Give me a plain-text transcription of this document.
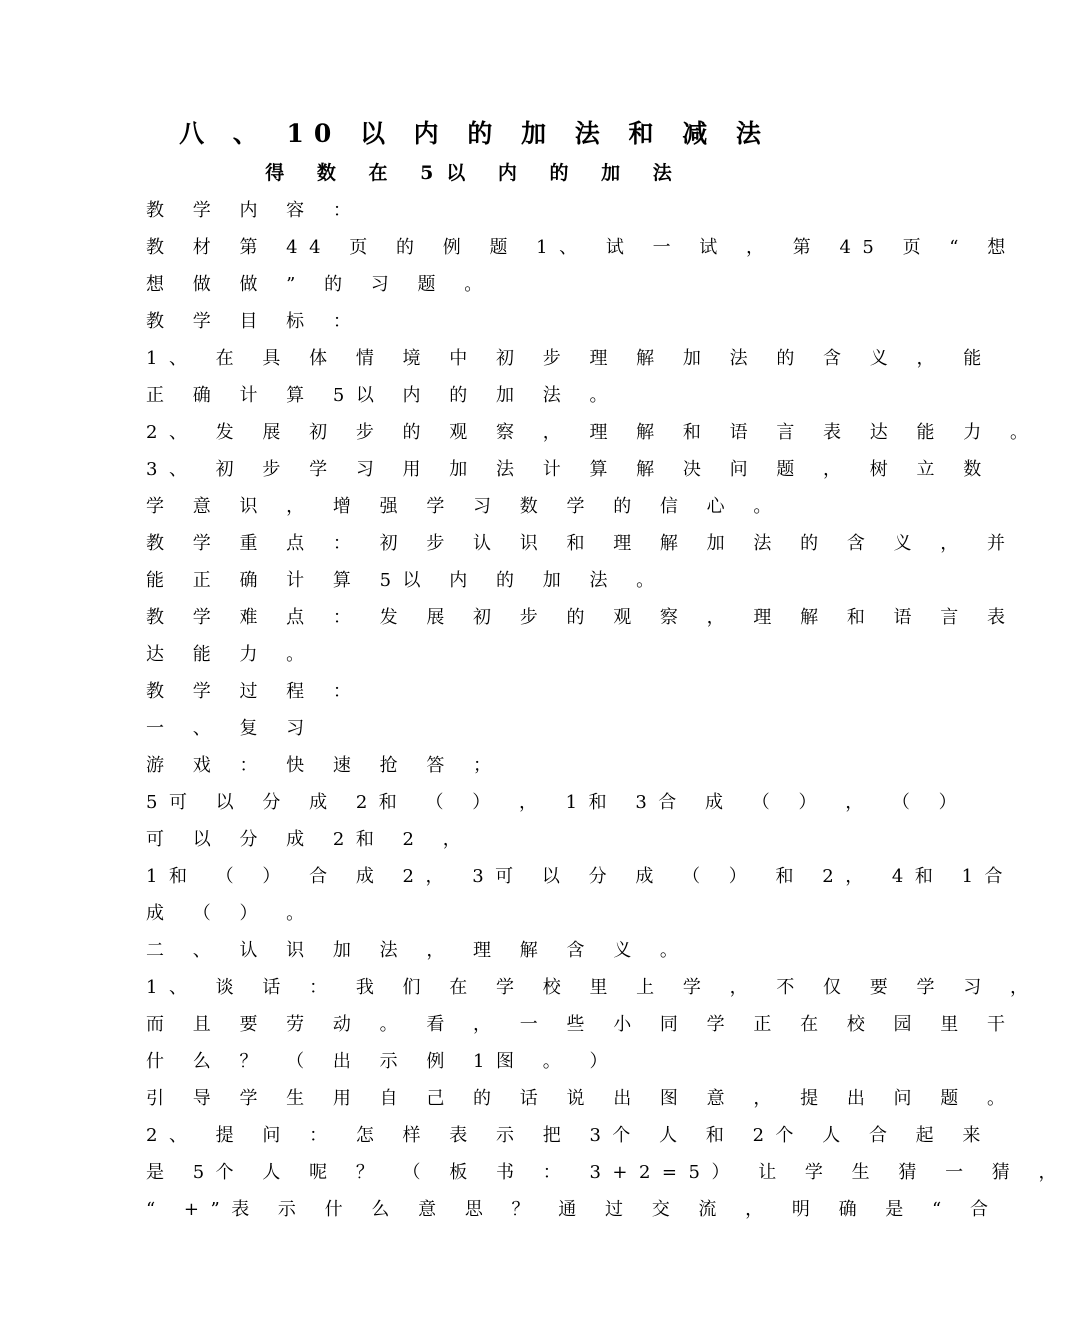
八 、 10 以 内 的 加 法 和 减 法
得 数 在 5以 内 的 加 法
教 学 内 容 ：
教 材 第 44 页 的 例 题 1、 试 一 试 ， 第 45 页 “ 想
想 做 做 ” 的 习 题 。
教 学 目 标 ：
1、 在 具 体 情 境 中 初 步 理 解 加 法 的 含 义 ， 能
正 确 计 算 5以 内 的 加 法 。
2、 发 展 初 步 的 观 察 ， 理 解 和 语 言 表 达 能 力 。
3、 初 步 学 习 用 加 法 计 算 解 决 问 题 ， 树 立 数
学 意 识 ， 增 强 学 习 数 学 的 信 心 。
教 学 重 点 ： 初 步 认 识 和 理 解 加 法 的 含 义 ， 并
能 正 确 计 算 5以 内 的 加 法 。
教 学 难 点 ： 发 展 初 步 的 观 察 ， 理 解 和 语 言 表
达 能 力 。
教 学 过 程 ：
一 、 复 习
游 戏 ： 快 速 抢 答 ；
5可 以 分 成 2和 （ ） ， 1和 3合 成 （ ） ， （ ）
可 以 分 成 2和 2 ，
1和 （ ） 合 成 2， 3可 以 分 成 （ ） 和 2， 4和 1合
成 （ ） 。
二 、 认 识 加 法 ， 理 解 含 义 。
1、 谈 话 ： 我 们 在 学 校 里 上 学 ， 不 仅 要 学 习 ，
而 且 要 劳 动 。 看 ， 一 些 小 同 学 正 在 校 园 里 干
什 么 ？ （ 出 示 例 1图 。 ）
引 导 学 生 用 自 己 的 话 说 出 图 意 ， 提 出 问 题 。
2、 提 问 ： 怎 样 表 示 把 3个 人 和 2个 人 合 起 来
是 5个 人 呢 ？ （ 板 书 ： 3+2=5） 让 学 生 猜 一 猜 ，
“ +”表 示 什 么 意 思 ？ 通 过 交 流 ， 明 确 是 “ 合
